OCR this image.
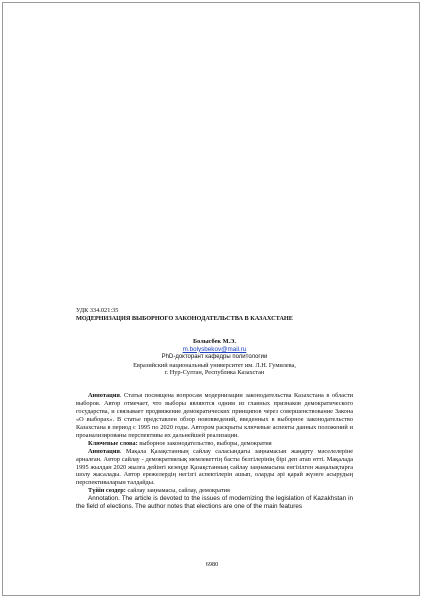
УДК 334.021:35

МОДЕРНИЗАЦИЯ ВЫБОРНОГО ЗАКОНОДАТЕЛЬСТВА В КАЗАХСТАНЕ

Болысбек М.Э.
m.bolysbekov@mail.ru
PhD-докторант кафедры политологии
Евразийский национальный университет им. Л.Н. Гумилева,
г. Нур-Султан, Республика Казахстан

Аннотация. Статья посвящена вопросам модернизации законодательства Казахстана в области выборов. Автор отмечает, что выборы являются одним из главных признаков демократического государства, и связывает продвижение демократических принципов через совершенствование Закона «О выборах». В статье представлен обзор нововведений, введенных в выборное законодательство Казахстана в период с 1995 по 2020 годы. Автором раскрыты ключевые аспекты данных положений и проанализированы перспективы их дальнейшей реализации.

Ключевые слова: выборное законодательство, выборы, демократия

Аннотация. Мақала Қазақстанның сайлау саласындағы заңнамасын жаңарту мәселелеріне арналған. Автор сайлау - демократиялық мемлекеттің басты белгілерінің бірі деп атап өтті. Мақалада 1995 жылдан 2020 жылға дейінгі кезеңде Қазақстанның сайлау заңнамасына енгізілген жаңалықтарға шолу жасалады. Автор ережелердің негізгі аспектілерін ашып, оларды әрі қарай жүзеге асырудың перспективаларын талдайды.

Түйін сөздер: сайлау заңнамасы, сайлау, демократия

Annotation. The article is devoted to the issues of modernizing the legislation of Kazakhstan in the field of elections. The author notes that elections are one of the main features

6980
